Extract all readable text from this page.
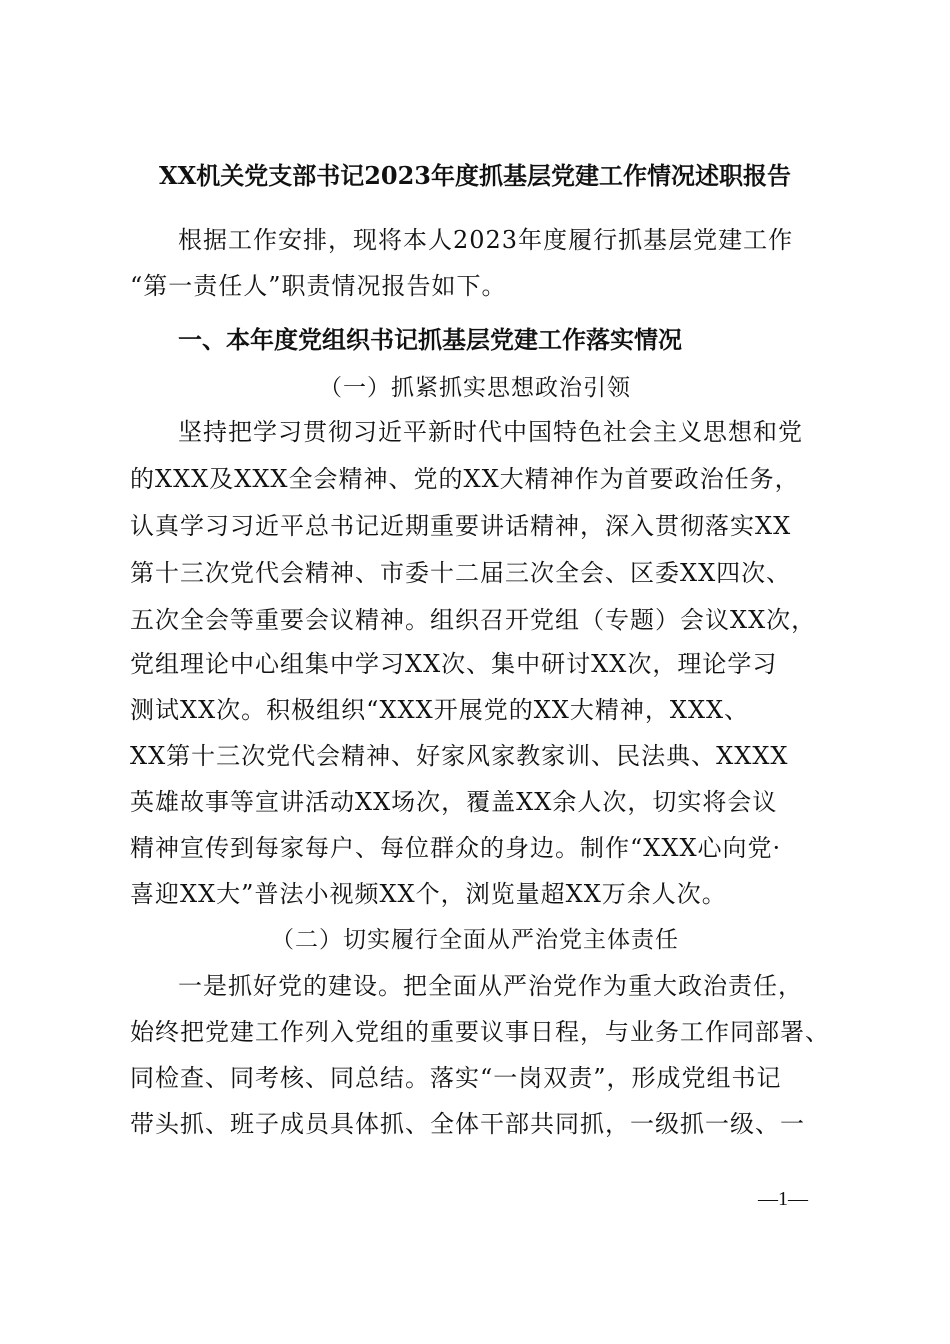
XX机关党支部书记2023年度抓基层党建工作情况述职报告
根据工作安排，现将本人2023年度履行抓基层党建工作
“第一责任人”职责情况报告如下。
一、本年度党组织书记抓基层党建工作落实情况
（一）抓紧抓实思想政治引领
坚持把学习贯彻习近平新时代中国特色社会主义思想和党
的XXX及XXX全会精神、党的XX大精神作为首要政治任务，
认真学习习近平总书记近期重要讲话精神，深入贯彻落实XX
第十三次党代会精神、市委十二届三次全会、区委XX四次、
五次全会等重要会议精神。组织召开党组（专题）会议XX次，
党组理论中心组集中学习XX次、集中研讨XX次，理论学习
测试XX次。积极组织“XXX开展党的XX大精神，XXX、
XX第十三次党代会精神、好家风家教家训、民法典、XXXX
英雄故事等宣讲活动XX场次，覆盖XX余人次，切实将会议
精神宣传到每家每户、每位群众的身边。制作“XXX心向党·
喜迎XX大”普法小视频XX个，浏览量超XX万余人次。
（二）切实履行全面从严治党主体责任
一是抓好党的建设。把全面从严治党作为重大政治责任，
始终把党建工作列入党组的重要议事日程，与业务工作同部署、
同检查、同考核、同总结。落实“一岗双责”，形成党组书记
带头抓、班子成员具体抓、全体干部共同抓，一级抓一级、一
—1—
